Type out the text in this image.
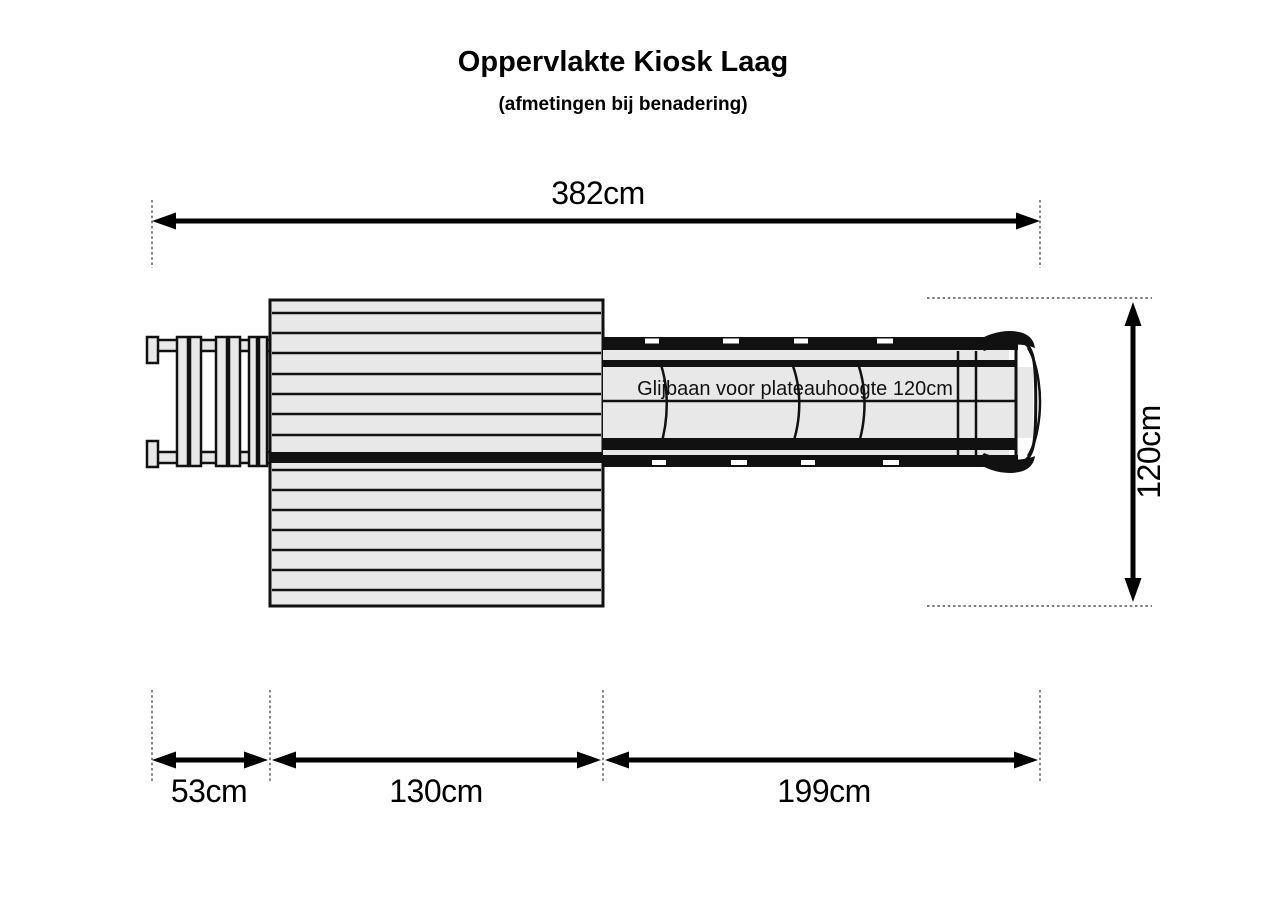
Oppervlakte Kiosk Laag
(afmetingen bij benadering)
382cm
Glijbaan voor plateauhoogte 120cm
120cm
53cm	130cm	199cm
